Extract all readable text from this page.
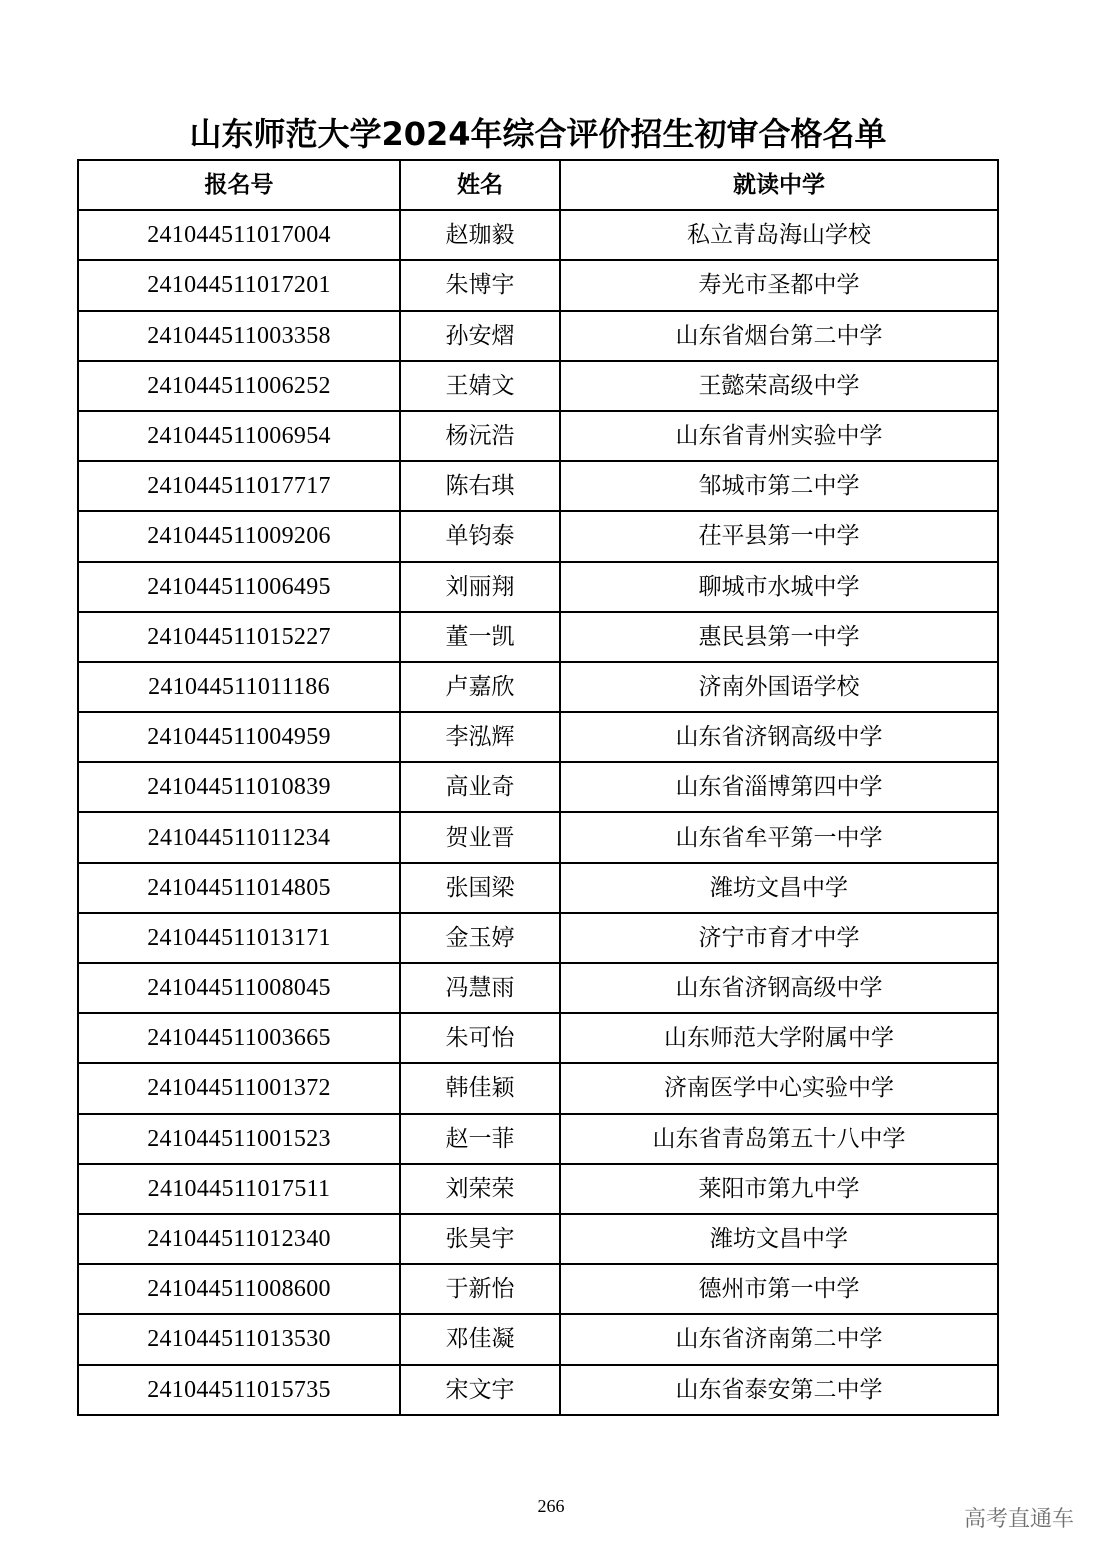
山东师范大学2024年综合评价招生初审合格名单
报名号	姓名	就读中学
241044511017004	赵珈毅	私立青岛海山学校
241044511017201	朱博宇	寿光市圣都中学
241044511003358	孙安熠	山东省烟台第二中学
241044511006252	王婧文	王懿荣高级中学
241044511006954	杨沅浩	山东省青州实验中学
241044511017717	陈右琪	邹城市第二中学
241044511009206	单钧泰	茌平县第一中学
241044511006495	刘丽翔	聊城市水城中学
241044511015227	董一凯	惠民县第一中学
241044511011186	卢嘉欣	济南外国语学校
241044511004959	李泓辉	山东省济钢高级中学
241044511010839	高业奇	山东省淄博第四中学
241044511011234	贺业晋	山东省牟平第一中学
241044511014805	张国梁	潍坊文昌中学
241044511013171	金玉婷	济宁市育才中学
241044511008045	冯慧雨	山东省济钢高级中学
241044511003665	朱可怡	山东师范大学附属中学
241044511001372	韩佳颖	济南医学中心实验中学
241044511001523	赵一菲	山东省青岛第五十八中学
241044511017511	刘荣荣	莱阳市第九中学
241044511012340	张昊宇	潍坊文昌中学
241044511008600	于新怡	德州市第一中学
241044511013530	邓佳凝	山东省济南第二中学
241044511015735	宋文宇	山东省泰安第二中学
266
高考直通车
